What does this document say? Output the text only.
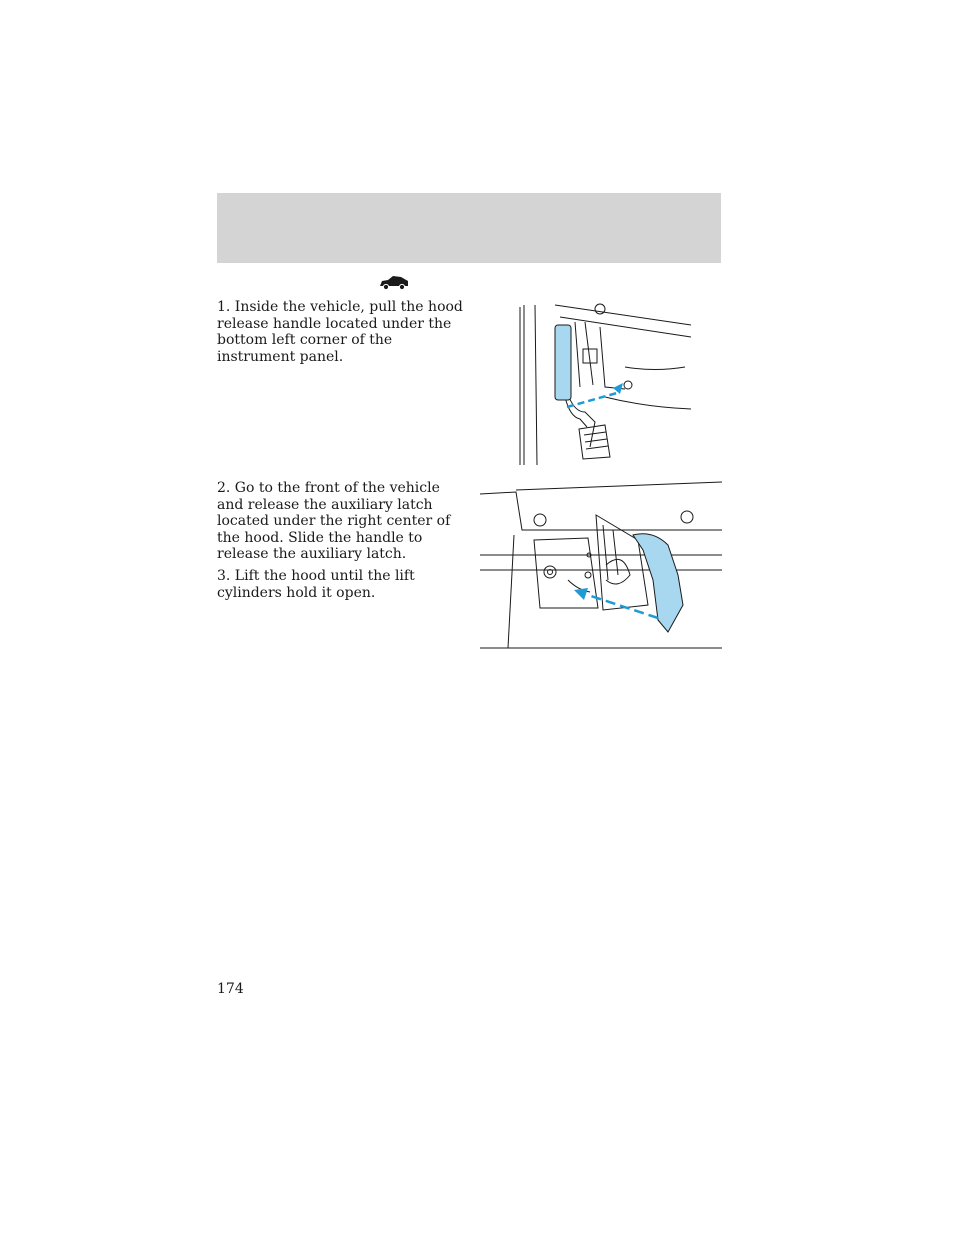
1. Inside the vehicle, pull the hood release handle located under the bottom left corner of the instrument panel.

2. Go to the front of the vehicle and release the auxiliary latch located under the right center of the hood. Slide the handle to release the auxiliary latch.

3. Lift the hood until the lift cylinders hold it open.

174
